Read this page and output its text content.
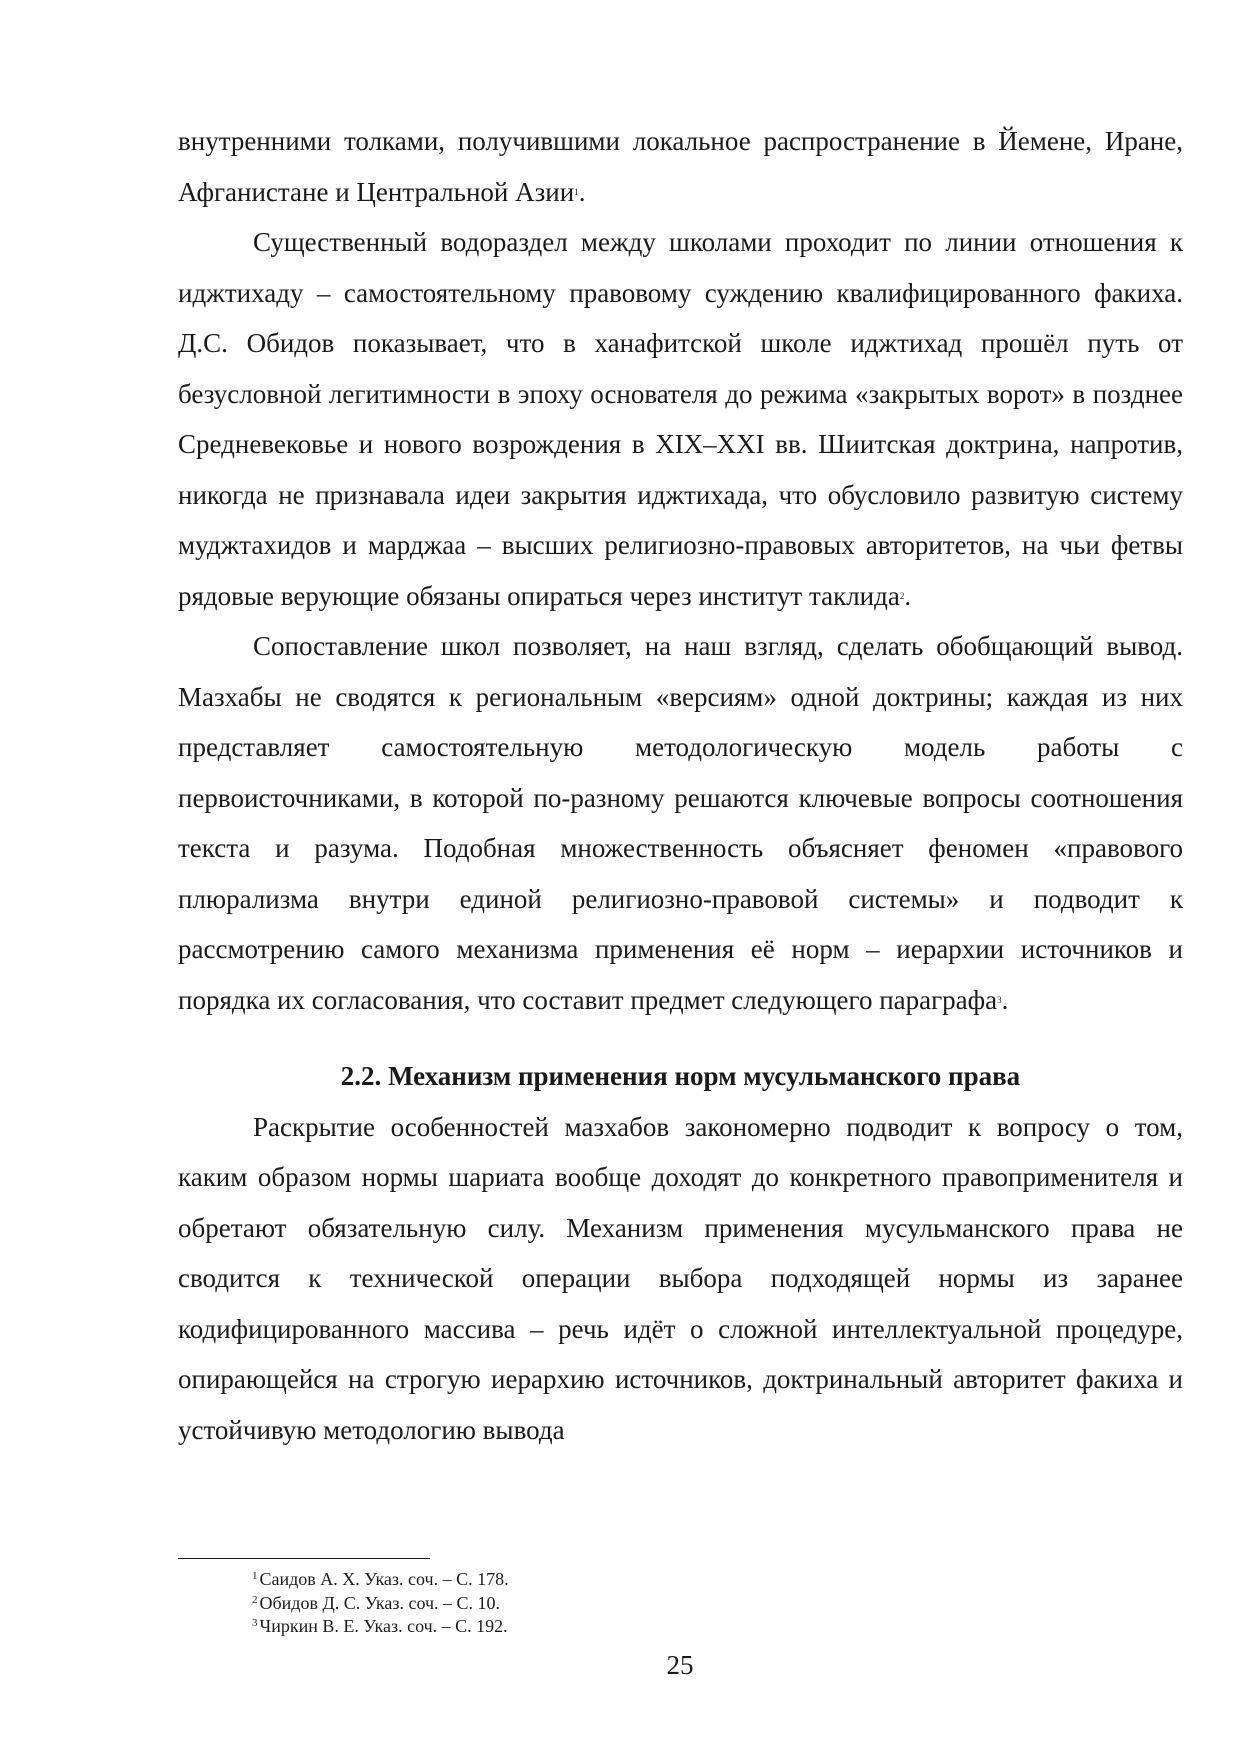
внутренними толками, получившими локальное распространение в Йемене, Иране, Афганистане и Центральной Азии$^1$.

Существенный водораздел между школами проходит по линии отношения к иджтихаду – самостоятельному правовому суждению квалифицированного факиха. Д.С. Обидов показывает, что в ханафитской школе иджтихад прошёл путь от безусловной легитимности в эпоху основателя до режима «закрытых ворот» в позднее Средневековье и нового возрождения в XIX–XXI вв. Шиитская доктрина, напротив, никогда не признавала идеи закрытия иджтихада, что обусловило развитую систему муджтахидов и марджаа – высших религиозно-правовых авторитетов, на чьи фетвы рядовые верующие обязаны опираться через институт таклида$^2$.

Сопоставление школ позволяет, на наш взгляд, сделать обобщающий вывод. Мазхабы не сводятся к региональным «версиям» одной доктрины; каждая из них представляет самостоятельную методологическую модель работы с первоисточниками, в которой по-разному решаются ключевые вопросы соотношения текста и разума. Подобная множественность объясняет феномен «правового плюрализма внутри единой религиозно-правовой системы» и подводит к рассмотрению самого механизма применения её норм – иерархии источников и порядка их согласования, что составит предмет следующего параграфа$^3$.

2.2. Механизм применения норм мусульманского права

Раскрытие особенностей мазхабов закономерно подводит к вопросу о том, каким образом нормы шариата вообще доходят до конкретного правоприменителя и обретают обязательную силу. Механизм применения мусульманского права не сводится к технической операции выбора подходящей нормы из заранее кодифицированного массива – речь идёт о сложной интеллектуальной процедуре, опирающейся на строгую иерархию источников, доктринальный авторитет факиха и устойчивую методологию вывода

$^1$ Саидов А. Х. Указ. соч. – С. 178.

$^2$ Обидов Д. С. Указ. соч. – С. 10.

$^3$ Чиркин В. Е. Указ. соч. – С. 192.

25
